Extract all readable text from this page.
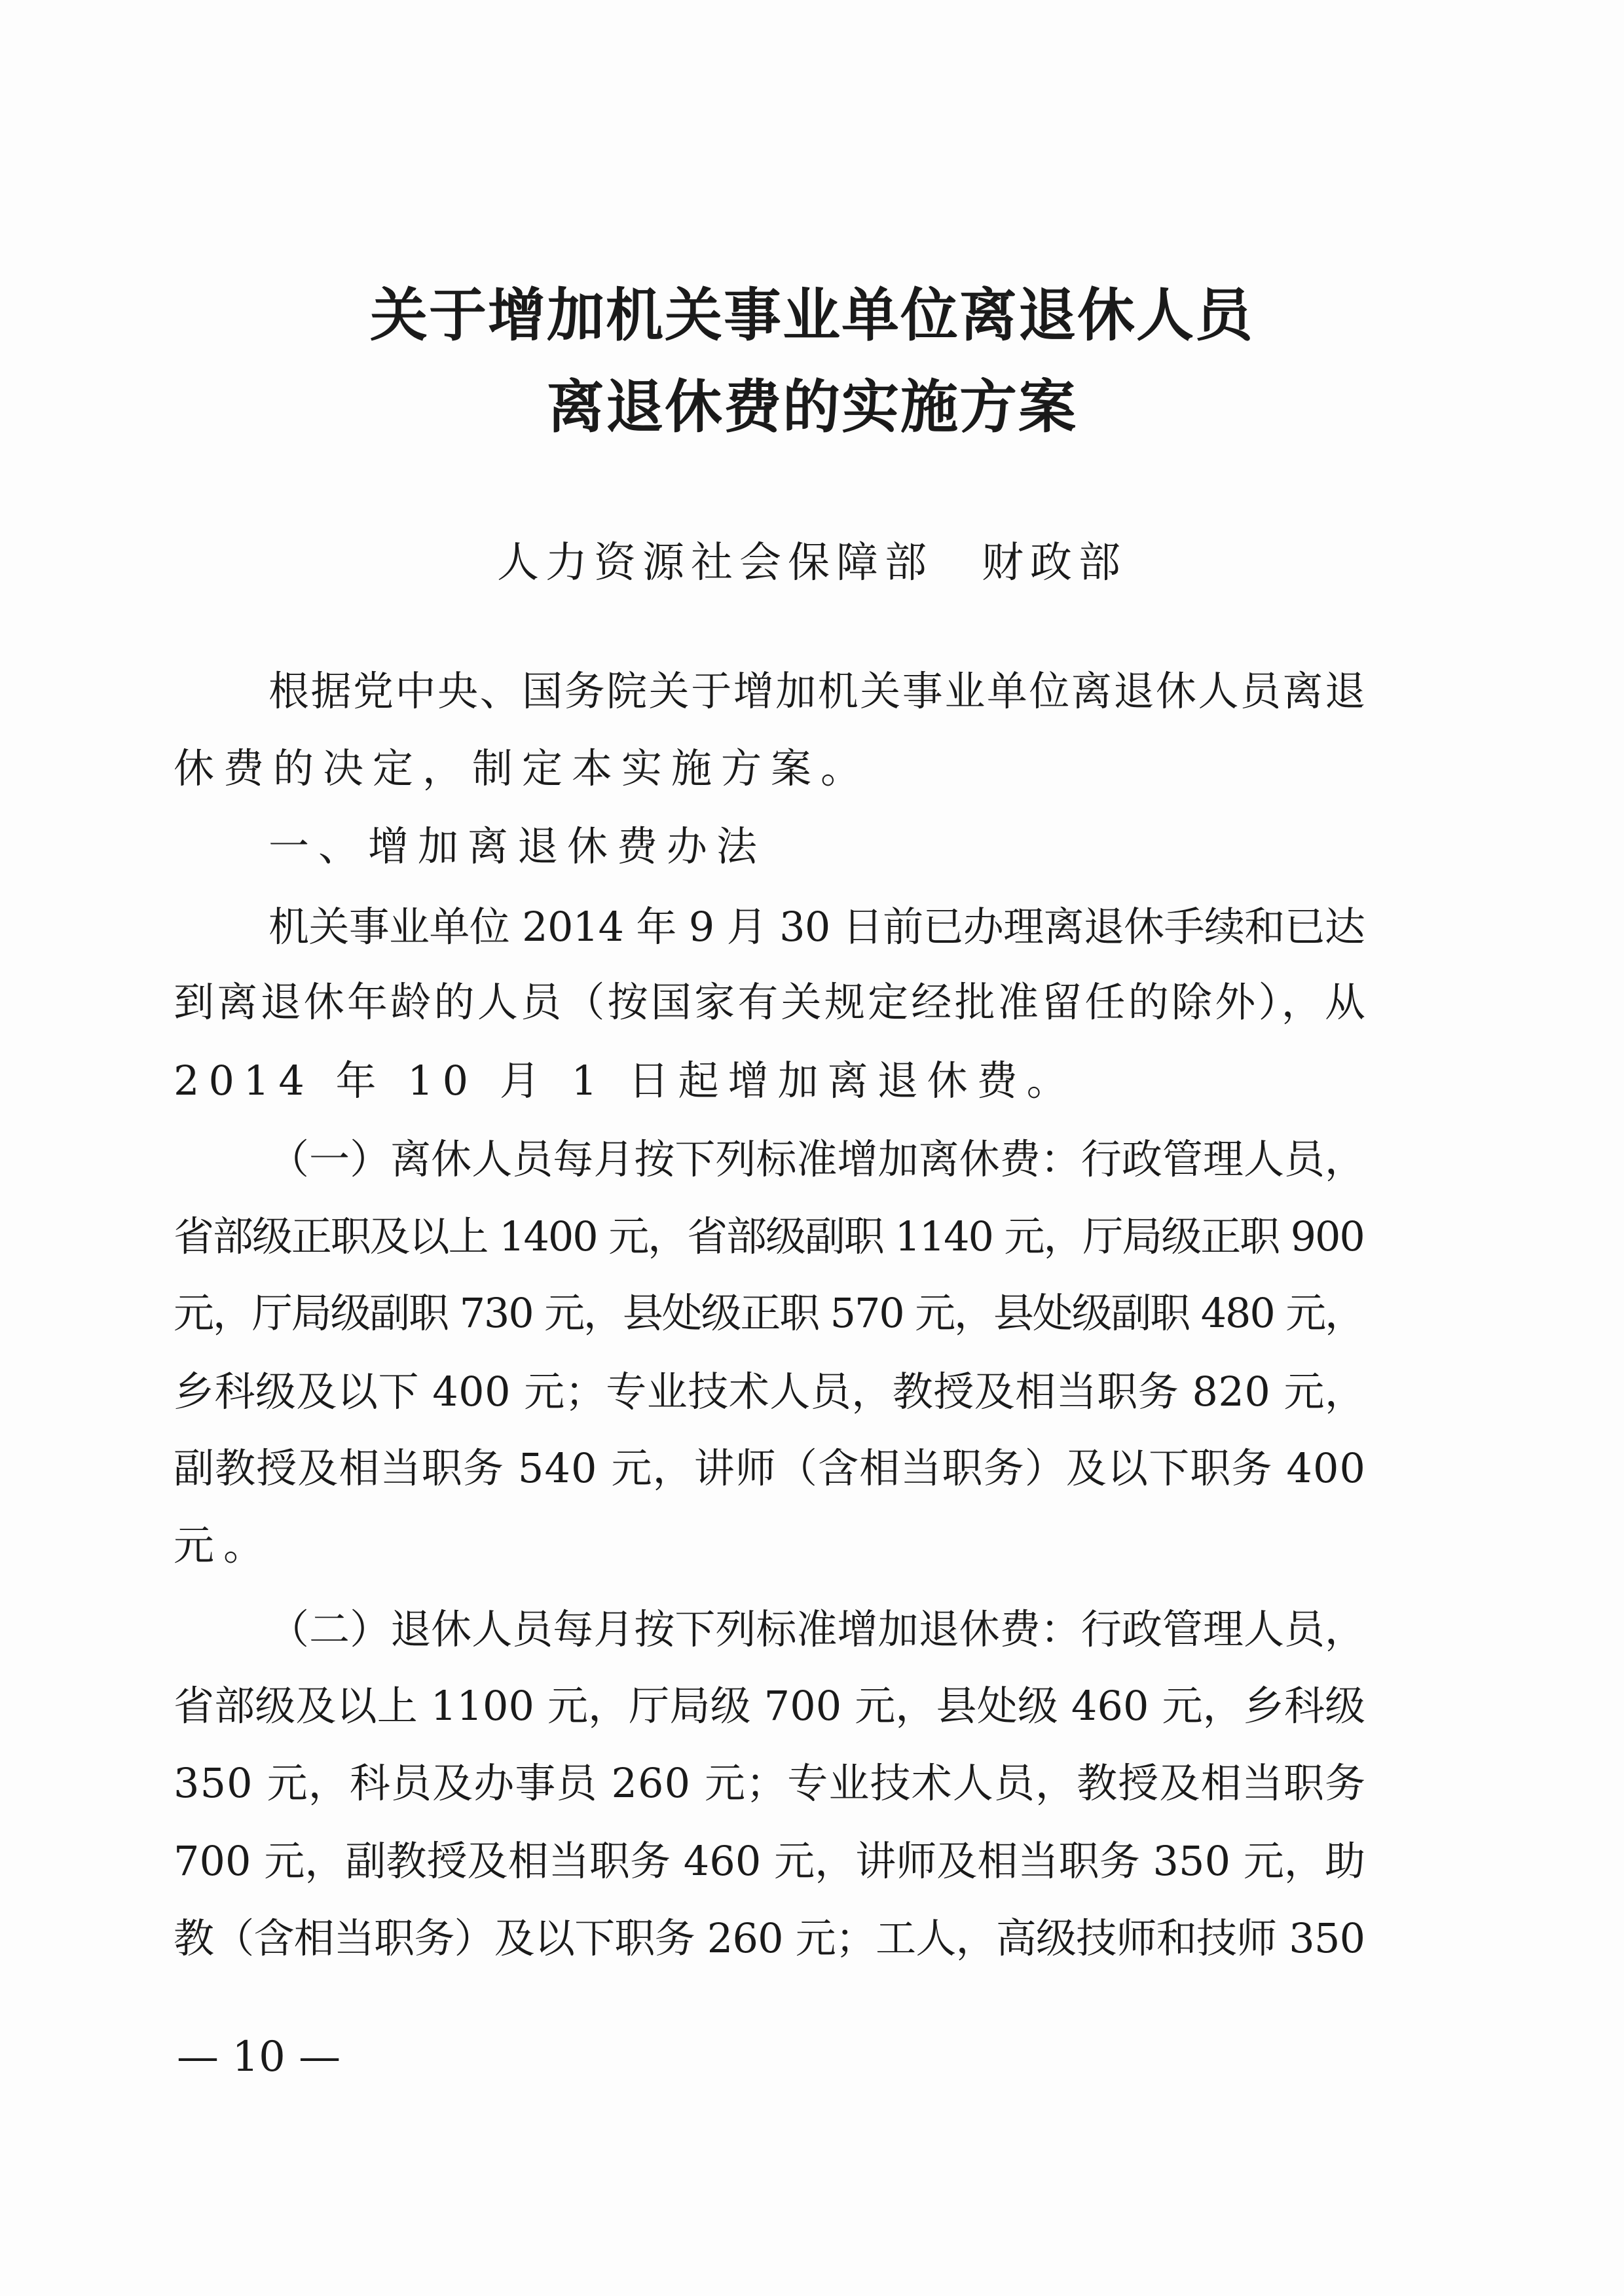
关于增加机关事业单位离退休人员
离退休费的实施方案
人力资源社会保障部　财政部
根据党中央、国务院关于增加机关事业单位离退休人员离退
休费的决定，制定本实施方案。
一、增加离退休费办法
机关事业单位 2014 年 9 月 30 日前已办理离退休手续和已达
到离退休年龄的人员（按国家有关规定经批准留任的除外），从
2014 年 10 月 1 日起增加离退休费。
（一）离休人员每月按下列标准增加离休费：行政管理人员，
省部级正职及以上 1400 元，省部级副职 1140 元，厅局级正职 900
元，厅局级副职 730 元，县处级正职 570 元，县处级副职 480 元，
乡科级及以下 400 元；专业技术人员，教授及相当职务 820 元，
副教授及相当职务 540 元，讲师（含相当职务）及以下职务 400
元。
（二）退休人员每月按下列标准增加退休费：行政管理人员，
省部级及以上 1100 元，厅局级 700 元，县处级 460 元，乡科级
350 元，科员及办事员 260 元；专业技术人员，教授及相当职务
700 元，副教授及相当职务 460 元，讲师及相当职务 350 元，助
教（含相当职务）及以下职务 260 元；工人，高级技师和技师 350
— 10 —
